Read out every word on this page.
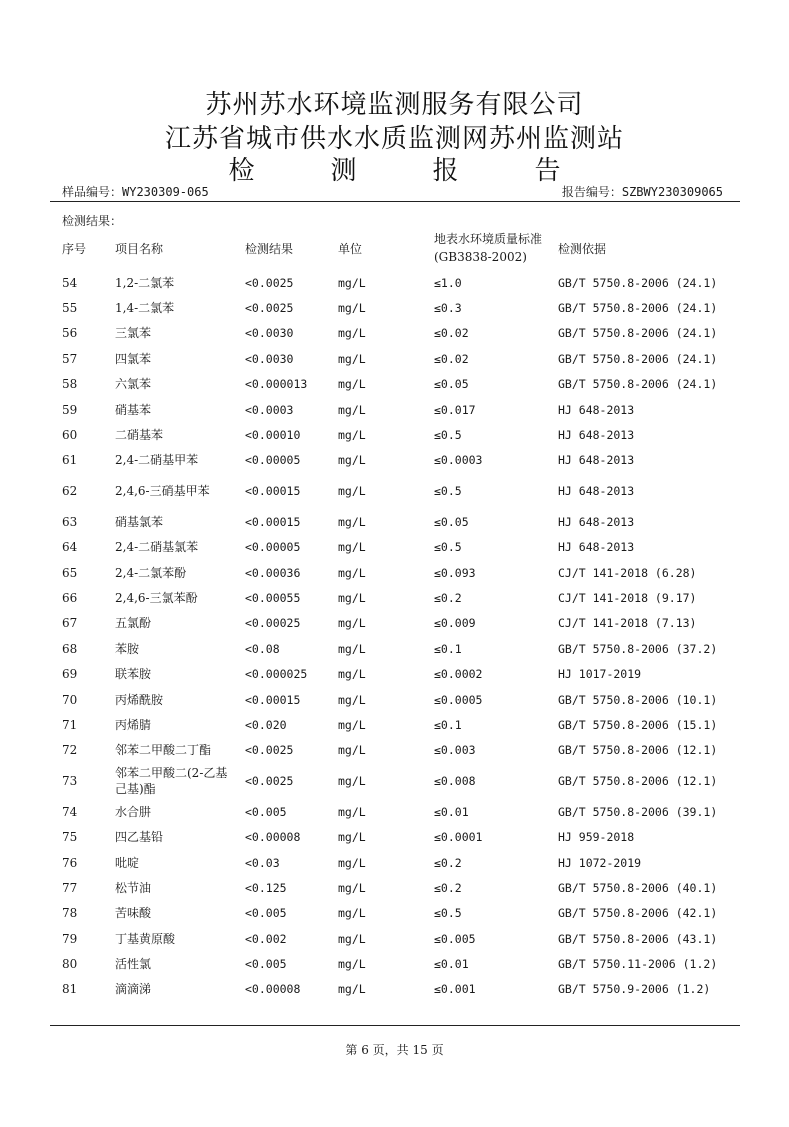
苏州苏水环境监测服务有限公司
江苏省城市供水水质监测网苏州监测站
检	测	报	告
样品编号：WY230309-065	报告编号：SZBWY230309065
检测结果：
序号	项目名称	检测结果	单位	地表水环境质量标准(GB3838-2002)	检测依据
54	1,2-二氯苯	<0.0025	mg/L	≤1.0	GB/T 5750.8-2006 (24.1)
55	1,4-二氯苯	<0.0025	mg/L	≤0.3	GB/T 5750.8-2006 (24.1)
56	三氯苯	<0.0030	mg/L	≤0.02	GB/T 5750.8-2006 (24.1)
57	四氯苯	<0.0030	mg/L	≤0.02	GB/T 5750.8-2006 (24.1)
58	六氯苯	<0.000013	mg/L	≤0.05	GB/T 5750.8-2006 (24.1)
59	硝基苯	<0.0003	mg/L	≤0.017	HJ 648-2013
60	二硝基苯	<0.00010	mg/L	≤0.5	HJ 648-2013
61	2,4-二硝基甲苯	<0.00005	mg/L	≤0.0003	HJ 648-2013
62	2,4,6-三硝基甲苯	<0.00015	mg/L	≤0.5	HJ 648-2013
63	硝基氯苯	<0.00015	mg/L	≤0.05	HJ 648-2013
64	2,4-二硝基氯苯	<0.00005	mg/L	≤0.5	HJ 648-2013
65	2,4-二氯苯酚	<0.00036	mg/L	≤0.093	CJ/T 141-2018 (6.28)
66	2,4,6-三氯苯酚	<0.00055	mg/L	≤0.2	CJ/T 141-2018 (9.17)
67	五氯酚	<0.00025	mg/L	≤0.009	CJ/T 141-2018 (7.13)
68	苯胺	<0.08	mg/L	≤0.1	GB/T 5750.8-2006 (37.2)
69	联苯胺	<0.000025	mg/L	≤0.0002	HJ 1017-2019
70	丙烯酰胺	<0.00015	mg/L	≤0.0005	GB/T 5750.8-2006 (10.1)
71	丙烯腈	<0.020	mg/L	≤0.1	GB/T 5750.8-2006 (15.1)
72	邻苯二甲酸二丁酯	<0.0025	mg/L	≤0.003	GB/T 5750.8-2006 (12.1)
73	邻苯二甲酸二(2-乙基己基)酯	<0.0025	mg/L	≤0.008	GB/T 5750.8-2006 (12.1)
74	水合肼	<0.005	mg/L	≤0.01	GB/T 5750.8-2006 (39.1)
75	四乙基铅	<0.00008	mg/L	≤0.0001	HJ 959-2018
76	吡啶	<0.03	mg/L	≤0.2	HJ 1072-2019
77	松节油	<0.125	mg/L	≤0.2	GB/T 5750.8-2006 (40.1)
78	苦味酸	<0.005	mg/L	≤0.5	GB/T 5750.8-2006 (42.1)
79	丁基黄原酸	<0.002	mg/L	≤0.005	GB/T 5750.8-2006 (43.1)
80	活性氯	<0.005	mg/L	≤0.01	GB/T 5750.11-2006 (1.2)
81	滴滴涕	<0.00008	mg/L	≤0.001	GB/T 5750.9-2006 (1.2)
第 6 页，共 15 页
